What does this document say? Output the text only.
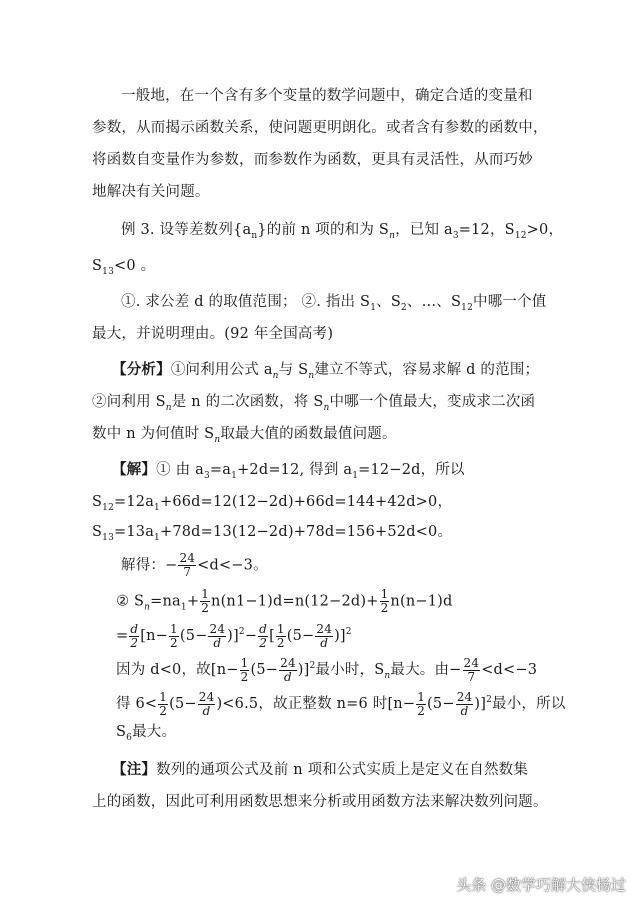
一般地，在一个含有多个变量的数学问题中，确定合适的变量和
参数，从而揭示函数关系，使问题更明朗化。或者含有参数的函数中，
将函数自变量作为参数，而参数作为函数，更具有灵活性，从而巧妙
地解决有关问题。
例 3. 设等差数列$\{a_n\}$的前 n 项的和为 $S_n$，已知 $a_3=12$，$S_{12}>0$，
$S_{13}<0$ 。
①. 求公差 d 的取值范围； ②. 指出 $S_1$、$S_2$、…、$S_{12}$中哪一个值
最大，并说明理由。(92 年全国高考)
【分析】①问利用公式 $a_n$与 $S_n$建立不等式，容易求解 d 的范围；
②问利用 $S_n$是 n 的二次函数，将 $S_n$中哪一个值最大，变成求二次函
数中 n 为何值时 $S_n$取最大值的函数最值问题。
【解】① 由 $a_3=a_1+2d=12$, 得到 $a_1=12-2d$，所以
$S_{12}=12a_1+66d=12(12-2d)+66d=144+42d>0$，
$S_{13}=13a_1+78d=13(12-2d)+78d=156+52d<0$。
解得：− $\frac{24}{7} <d<-3$。
② $S_n=na_1+ \frac{1}{2} n(n1-1)d=n(12-2d)+ \frac{1}{2} n(n-1)d$
= $\frac{d}{2} [n- \frac{1}{2} (5- \frac{24}{d} )]^2- \frac{d}{2}$ [ $\frac{1}{2} (5- \frac{24}{d} )]^2$
因为 d<0，故$[n- \frac{1}{2} (5- \frac{24}{d} )]^2$最小时，$S_n$最大。由− $\frac{24}{7} <d<-3$
得 $6< \frac{1}{2} (5- \frac{24}{d} )<6.5$，故正整数 n=6 时$[n- \frac{1}{2} (5- \frac{24}{d} )]^2$最小，所以
$S_6$最大。
【注】数列的通项公式及前 n 项和公式实质上是定义在自然数集
上的函数，因此可利用函数思想来分析或用函数方法来解决数列问题。
头条 @数学巧解大侠杨过
